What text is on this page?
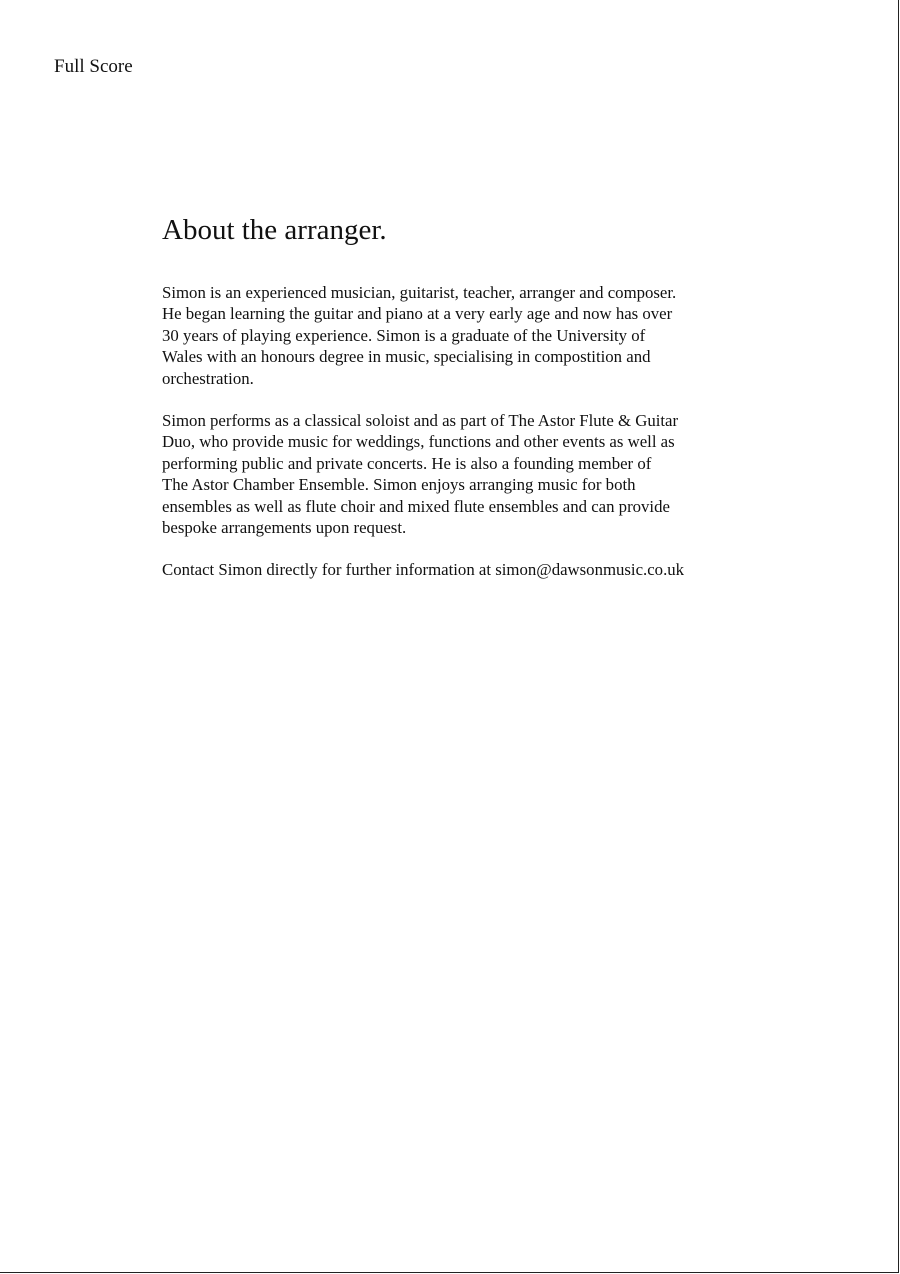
Full Score
About the arranger.

Simon is an experienced musician, guitarist, teacher, arranger and composer.
He began learning the guitar and piano at a very early age and now has over
30 years of playing experience. Simon is a graduate of the University of
Wales with an honours degree in music, specialising in compostition and
orchestration.

Simon performs as a classical soloist and as part of The Astor Flute & Guitar
Duo, who provide music for weddings, functions and other events as well as
performing public and private concerts. He is also a founding member of
The Astor Chamber Ensemble. Simon enjoys arranging music for both
ensembles as well as flute choir and mixed flute ensembles and can provide
bespoke arrangements upon request.

Contact Simon directly for further information at simon@dawsonmusic.co.uk
